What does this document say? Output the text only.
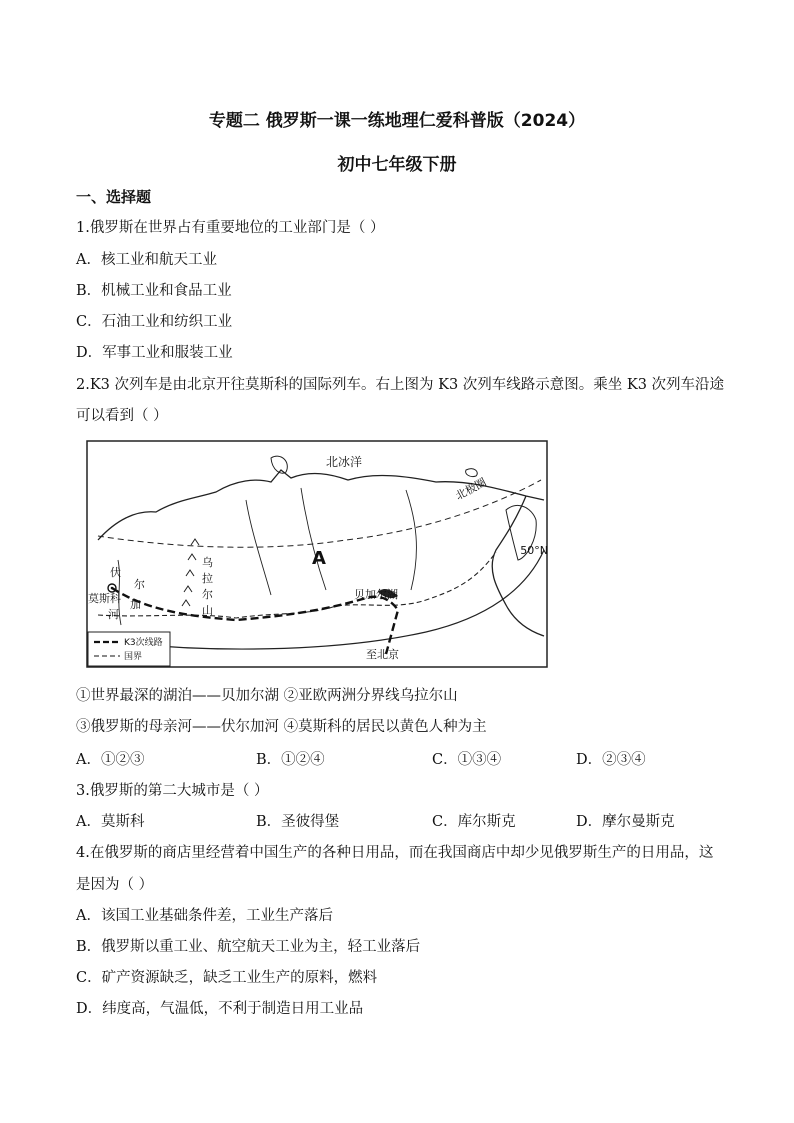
专题二 俄罗斯一课一练地理仁爱科普版（2024）
初中七年级下册
一、选择题
1.俄罗斯在世界占有重要地位的工业部门是（ ）
A．核工业和航天工业
B．机械工业和食品工业
C．石油工业和纺织工业
D．军事工业和服装工业
2.K3 次列车是由北京开往莫斯科的国际列车。右上图为 K3 次列车线路示意图。乘坐 K3 次列车沿途
可以看到（ ）
北冰洋
北极圈
50°N
A
贝加尔湖
至北京
莫斯科
伏
尔
加
河
乌
拉
尔
山
K3次线路
国界
①世界最深的湖泊——贝加尔湖 ②亚欧两洲分界线乌拉尔山
③俄罗斯的母亲河——伏尔加河 ④莫斯科的居民以黄色人种为主
A．①②③	B．①②④	C．①③④	D．②③④
3.俄罗斯的第二大城市是（ ）
A．莫斯科	B．圣彼得堡	C．库尔斯克	D．摩尔曼斯克
4.在俄罗斯的商店里经营着中国生产的各种日用品，而在我国商店中却少见俄罗斯生产的日用品，这
是因为（ ）
A．该国工业基础条件差，工业生产落后
B．俄罗斯以重工业、航空航天工业为主，轻工业落后
C．矿产资源缺乏，缺乏工业生产的原料，燃料
D．纬度高，气温低，不利于制造日用工业品
